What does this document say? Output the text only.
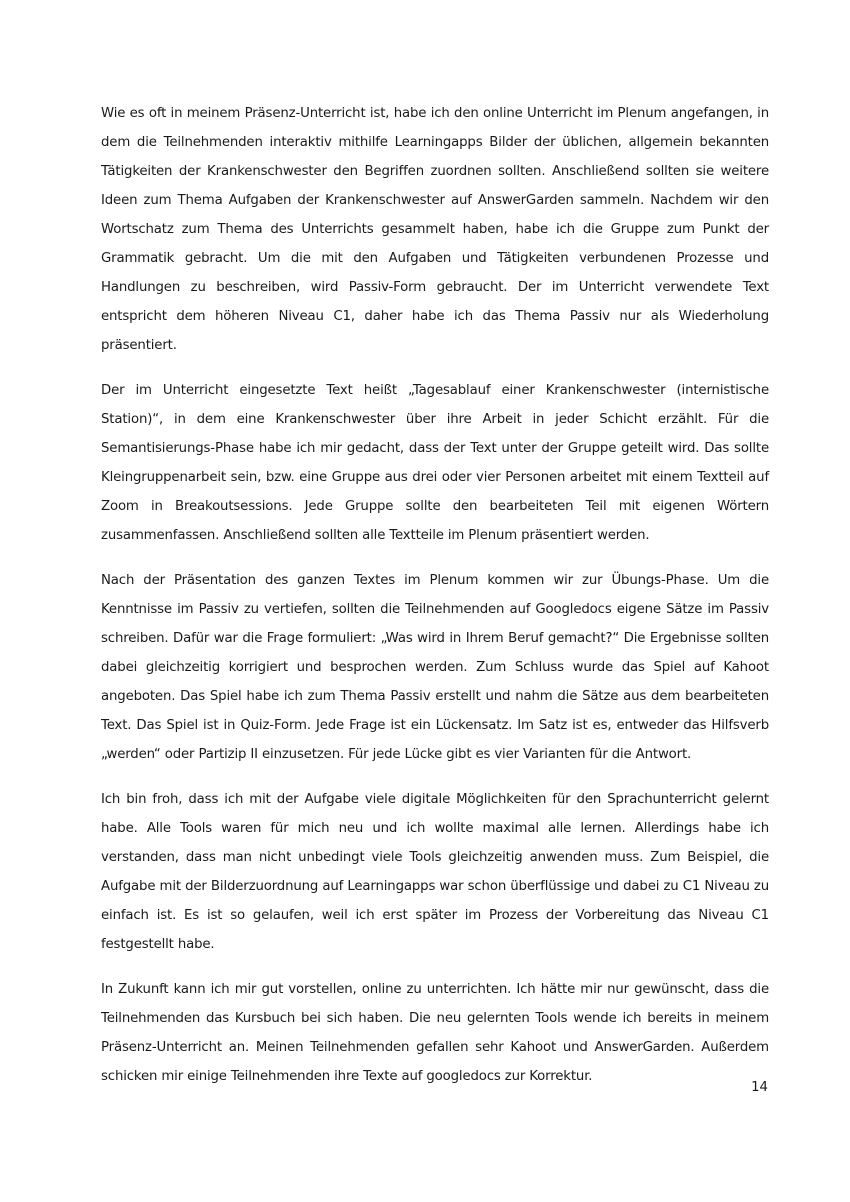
Wie es oft in meinem Präsenz-Unterricht ist, habe ich den online Unterricht im Plenum angefangen, in dem die Teilnehmenden interaktiv mithilfe Learningapps Bilder der üblichen, allgemein bekannten Tätigkeiten der Krankenschwester den Begriffen zuordnen sollten. Anschließend sollten sie weitere Ideen zum Thema Aufgaben der Krankenschwester auf AnswerGarden sammeln. Nachdem wir den Wortschatz zum Thema des Unterrichts gesammelt haben, habe ich die Gruppe zum Punkt der Grammatik gebracht. Um die mit den Aufgaben und Tätigkeiten verbundenen Prozesse und Handlungen zu beschreiben, wird Passiv-Form gebraucht. Der im Unterricht verwendete Text entspricht dem höheren Niveau C1, daher habe ich das Thema Passiv nur als Wiederholung präsentiert.

Der im Unterricht eingesetzte Text heißt „Tagesablauf einer Krankenschwester (internistische Station)“, in dem eine Krankenschwester über ihre Arbeit in jeder Schicht erzählt. Für die Semantisierungs-Phase habe ich mir gedacht, dass der Text unter der Gruppe geteilt wird. Das sollte Kleingruppenarbeit sein, bzw. eine Gruppe aus drei oder vier Personen arbeitet mit einem Textteil auf Zoom in Breakoutsessions. Jede Gruppe sollte den bearbeiteten Teil mit eigenen Wörtern zusammenfassen. Anschließend sollten alle Textteile im Plenum präsentiert werden.

Nach der Präsentation des ganzen Textes im Plenum kommen wir zur Übungs-Phase. Um die Kenntnisse im Passiv zu vertiefen, sollten die Teilnehmenden auf Googledocs eigene Sätze im Passiv schreiben. Dafür war die Frage formuliert: „Was wird in Ihrem Beruf gemacht?“ Die Ergebnisse sollten dabei gleichzeitig korrigiert und besprochen werden. Zum Schluss wurde das Spiel auf Kahoot angeboten. Das Spiel habe ich zum Thema Passiv erstellt und nahm die Sätze aus dem bearbeiteten Text. Das Spiel ist in Quiz-Form. Jede Frage ist ein Lückensatz. Im Satz ist es, entweder das Hilfsverb „werden“ oder Partizip II einzusetzen. Für jede Lücke gibt es vier Varianten für die Antwort.

Ich bin froh, dass ich mit der Aufgabe viele digitale Möglichkeiten für den Sprachunterricht gelernt habe. Alle Tools waren für mich neu und ich wollte maximal alle lernen. Allerdings habe ich verstanden, dass man nicht unbedingt viele Tools gleichzeitig anwenden muss. Zum Beispiel, die Aufgabe mit der Bilderzuordnung auf Learningapps war schon überflüssige und dabei zu C1 Niveau zu einfach ist. Es ist so gelaufen, weil ich erst später im Prozess der Vorbereitung das Niveau C1 festgestellt habe.

In Zukunft kann ich mir gut vorstellen, online zu unterrichten. Ich hätte mir nur gewünscht, dass die Teilnehmenden das Kursbuch bei sich haben. Die neu gelernten Tools wende ich bereits in meinem Präsenz-Unterricht an. Meinen Teilnehmenden gefallen sehr Kahoot und AnswerGarden. Außerdem schicken mir einige Teilnehmenden ihre Texte auf googledocs zur Korrektur.

14
